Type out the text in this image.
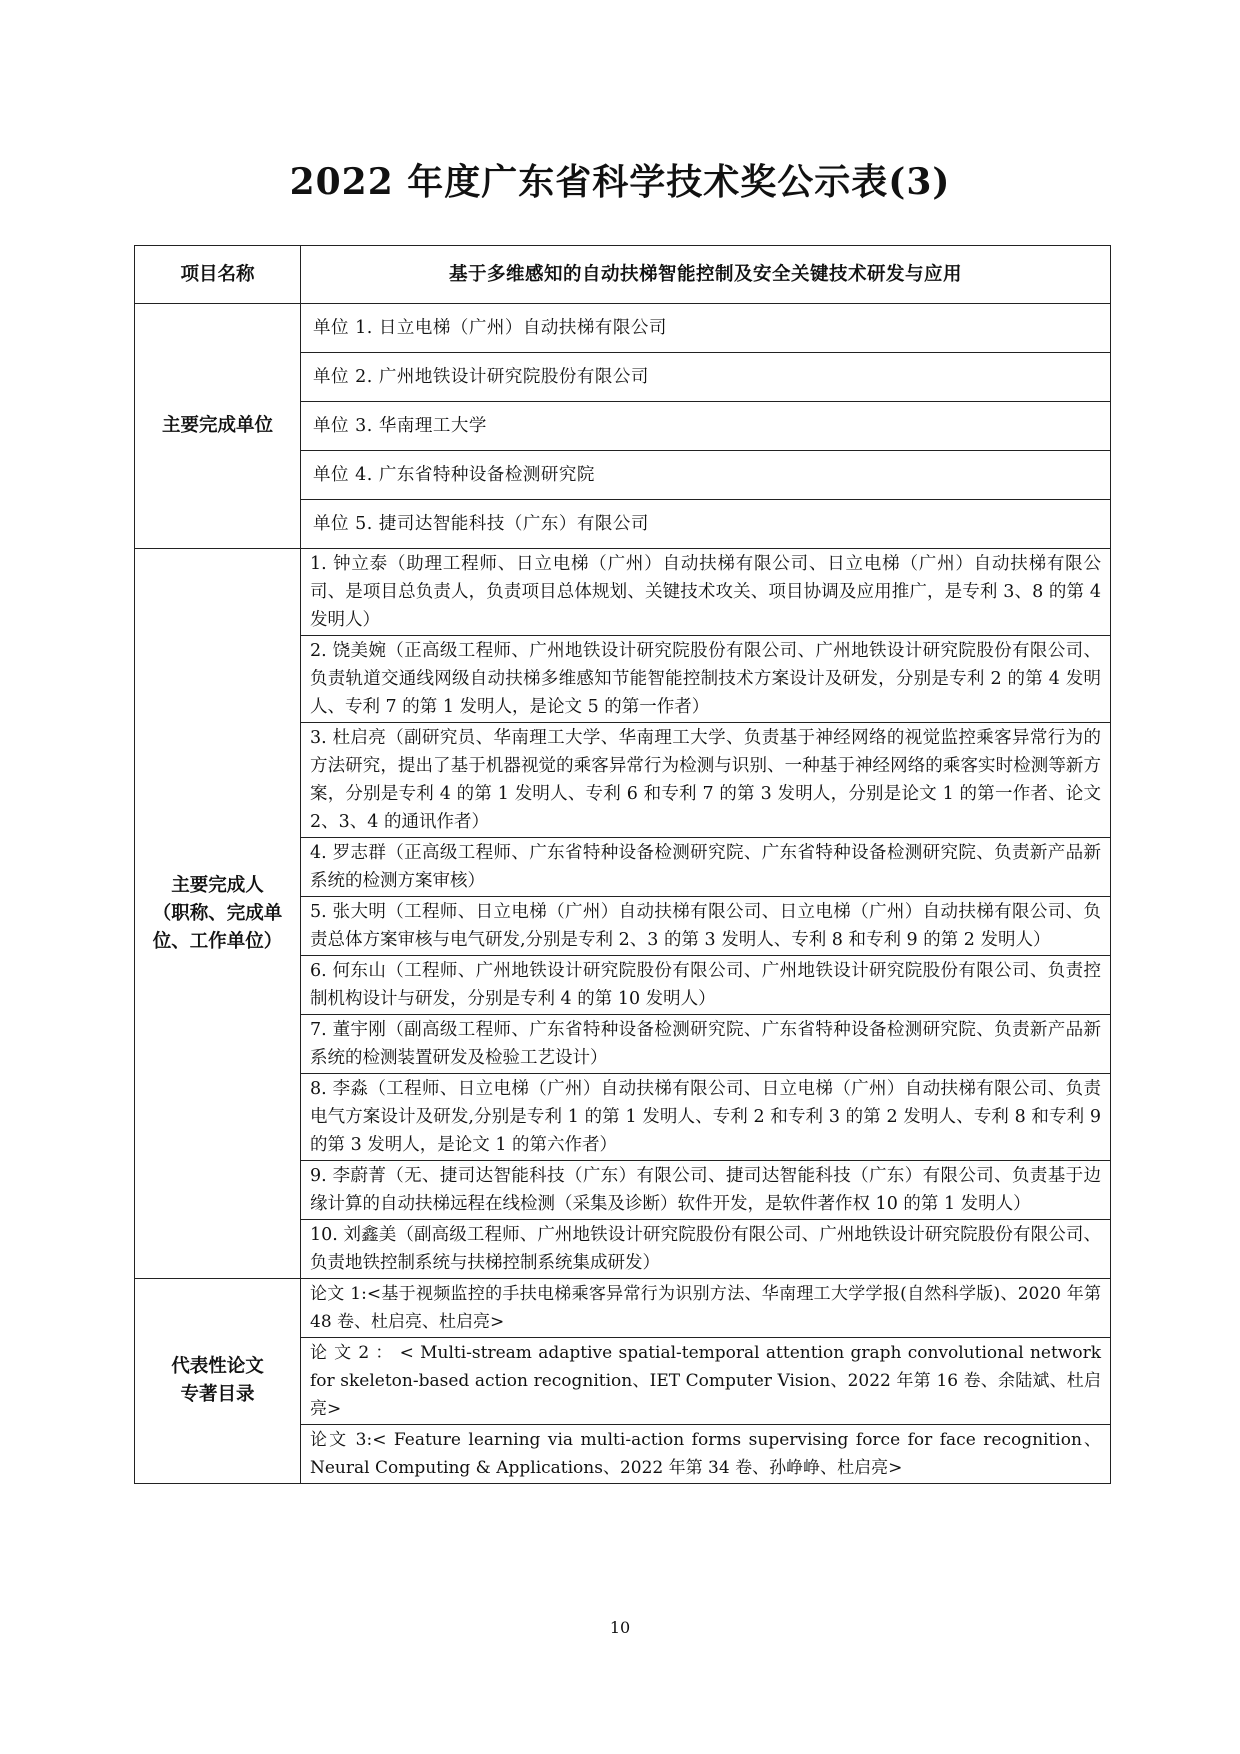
2022 年度广东省科学技术奖公示表(3)
项目名称	基于多维感知的自动扶梯智能控制及安全关键技术研发与应用
主要完成单位	单位 1. 日立电梯（广州）自动扶梯有限公司
	单位 2. 广州地铁设计研究院股份有限公司
	单位 3. 华南理工大学
	单位 4. 广东省特种设备检测研究院
	单位 5. 捷司达智能科技（广东）有限公司

主要完成人
（职称、完成单
位、工作单位）	1. 钟立泰（助理工程师、日立电梯（广州）自动扶梯有限公司、日立电梯（广州）自动扶梯有限公司、是项目总负责人，负责项目总体规划、关键技术攻关、项目协调及应用推广，是专利 3、8 的第 4 发明人）
	2. 饶美婉（正高级工程师、广州地铁设计研究院股份有限公司、广州地铁设计研究院股份有限公司、负责轨道交通线网级自动扶梯多维感知节能智能控制技术方案设计及研发，分别是专利 2 的第 4 发明人、专利 7 的第 1 发明人，是论文 5 的第一作者）
	3. 杜启亮（副研究员、华南理工大学、华南理工大学、负责基于神经网络的视觉监控乘客异常行为的方法研究，提出了基于机器视觉的乘客异常行为检测与识别、一种基于神经网络的乘客实时检测等新方案，分别是专利 4 的第 1 发明人、专利 6 和专利 7 的第 3 发明人，分别是论文 1 的第一作者、论文 2、3、4 的通讯作者）
	4. 罗志群（正高级工程师、广东省特种设备检测研究院、广东省特种设备检测研究院、负责新产品新系统的检测方案审核）
	5. 张大明（工程师、日立电梯（广州）自动扶梯有限公司、日立电梯（广州）自动扶梯有限公司、负责总体方案审核与电气研发,分别是专利 2、3 的第 3 发明人、专利 8 和专利 9 的第 2 发明人）
	6. 何东山（工程师、广州地铁设计研究院股份有限公司、广州地铁设计研究院股份有限公司、负责控制机构设计与研发，分别是专利 4 的第 10 发明人）
	7. 董宇刚（副高级工程师、广东省特种设备检测研究院、广东省特种设备检测研究院、负责新产品新系统的检测装置研发及检验工艺设计）
	8. 李淼（工程师、日立电梯（广州）自动扶梯有限公司、日立电梯（广州）自动扶梯有限公司、负责电气方案设计及研发,分别是专利 1 的第 1 发明人、专利 2 和专利 3 的第 2 发明人、专利 8 和专利 9 的第 3 发明人，是论文 1 的第六作者）
	9. 李蔚菁（无、捷司达智能科技（广东）有限公司、捷司达智能科技（广东）有限公司、负责基于边缘计算的自动扶梯远程在线检测（采集及诊断）软件开发，是软件著作权 10 的第 1 发明人）
	10. 刘鑫美（副高级工程师、广州地铁设计研究院股份有限公司、广州地铁设计研究院股份有限公司、负责地铁控制系统与扶梯控制系统集成研发）

代表性论文
专著目录	论文 1:<基于视频监控的手扶电梯乘客异常行为识别方法、华南理工大学学报(自然科学版)、2020 年第 48 卷、杜启亮、杜启亮>
	论 文 2 ： < Multi-stream adaptive spatial-temporal attention graph convolutional network for skeleton-based action recognition、IET Computer Vision、2022 年第 16 卷、余陆斌、杜启亮>
	论文 3:< Feature learning via multi-action forms supervising force for face recognition、Neural Computing & Applications、2022 年第 34 卷、孙峥峥、杜启亮>
10
